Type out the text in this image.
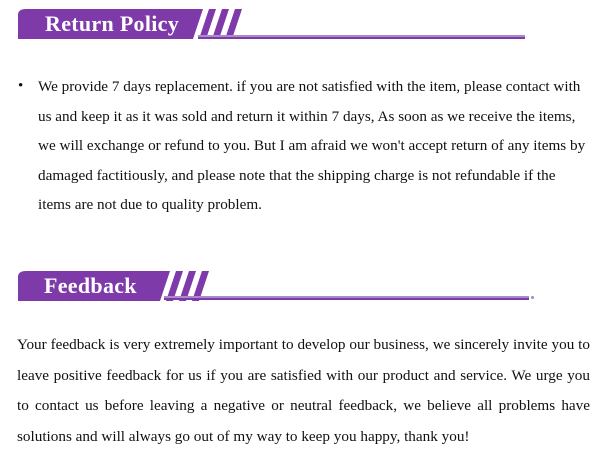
Return Policy
• We provide 7 days replacement. if you are not satisfied with the item, please contact with us and keep it as it was sold and return it within 7 days, As soon as we receive the items, we will exchange or refund to you. But I am afraid we won't accept return of any items by damaged factitiously, and please note that the shipping charge is not refundable if the items are not due to quality problem.

Feedback

Your feedback is very extremely important to develop our business, we sincerely invite you to leave positive feedback for us if you are satisfied with our product and service. We urge you to contact us before leaving a negative or neutral feedback, we believe all problems have solutions and will always go out of my way to keep you happy, thank you!
